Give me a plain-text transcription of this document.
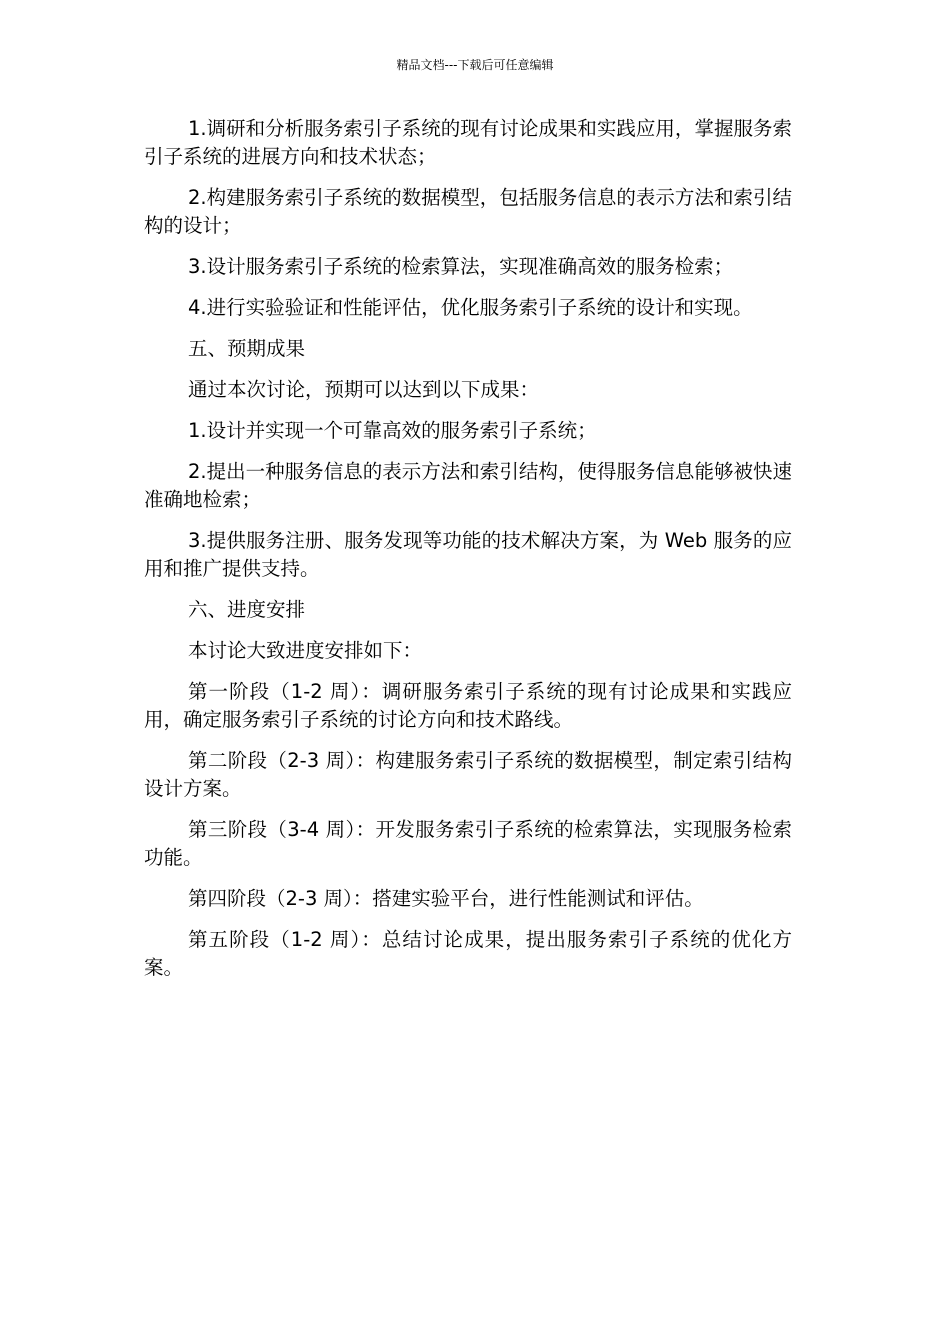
精品文档---下载后可任意编辑

1.调研和分析服务索引子系统的现有讨论成果和实践应用，掌握服务索引子系统的进展方向和技术状态；

2.构建服务索引子系统的数据模型，包括服务信息的表示方法和索引结构的设计；

3.设计服务索引子系统的检索算法，实现准确高效的服务检索；

4.进行实验验证和性能评估，优化服务索引子系统的设计和实现。

五、预期成果

通过本次讨论，预期可以达到以下成果：

1.设计并实现一个可靠高效的服务索引子系统；

2.提出一种服务信息的表示方法和索引结构，使得服务信息能够被快速准确地检索；

3.提供服务注册、服务发现等功能的技术解决方案，为 Web 服务的应用和推广提供支持。

六、进度安排

本讨论大致进度安排如下：

第一阶段（1-2 周）：调研服务索引子系统的现有讨论成果和实践应用，确定服务索引子系统的讨论方向和技术路线。

第二阶段（2-3 周）：构建服务索引子系统的数据模型，制定索引结构设计方案。

第三阶段（3-4 周）：开发服务索引子系统的检索算法，实现服务检索功能。

第四阶段（2-3 周）：搭建实验平台，进行性能测试和评估。

第五阶段（1-2 周）：总结讨论成果，提出服务索引子系统的优化方案。
